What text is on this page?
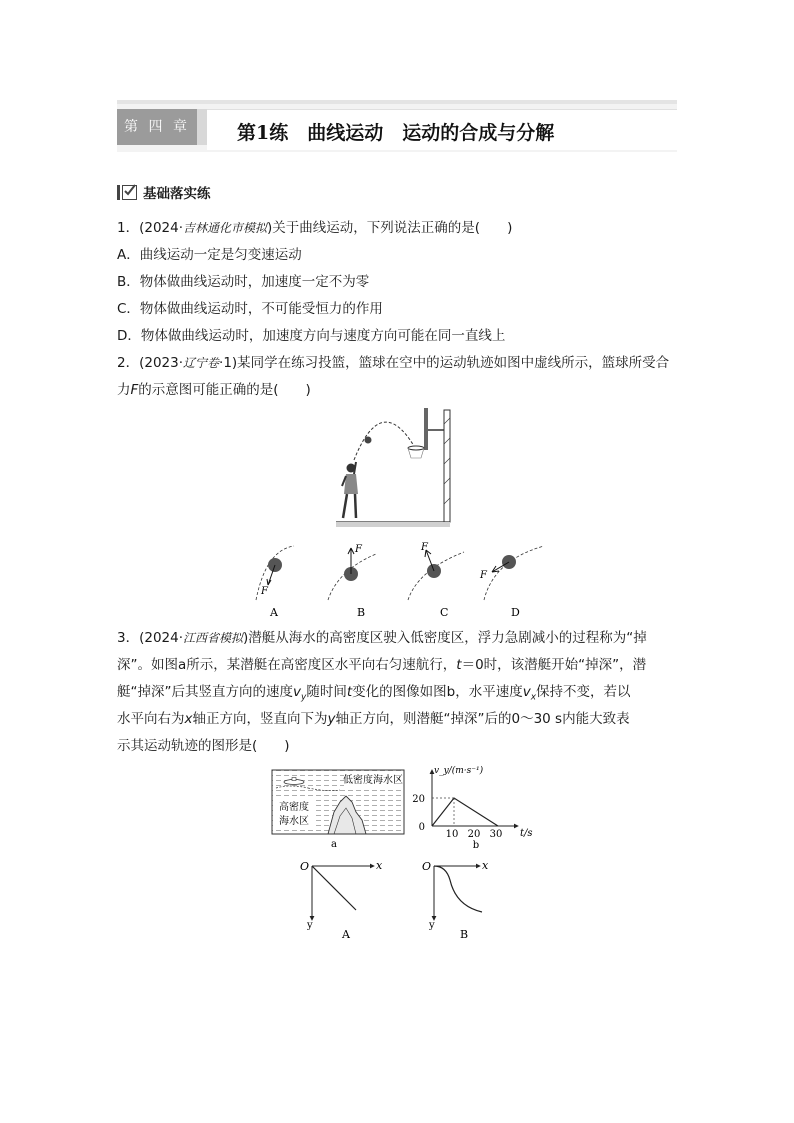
第 四 章	第1练　曲线运动　运动的合成与分解
基础落实练
1．(2024·吉林通化市模拟)关于曲线运动，下列说法正确的是(　　)
A．曲线运动一定是匀变速运动
B．物体做曲线运动时，加速度一定不为零
C．物体做曲线运动时，不可能受恒力的作用
D．物体做曲线运动时，加速度方向与速度方向可能在同一直线上
2．(2023·辽宁卷·1)某同学在练习投篮，篮球在空中的运动轨迹如图中虚线所示，篮球所受合
力F的示意图可能正确的是(　　)
F
A
F
B
F
C
F
D
3．(2024·江西省模拟)潜艇从海水的高密度区驶入低密度区，浮力急剧减小的过程称为“掉
深”。如图a所示，某潜艇在高密度区水平向右匀速航行，t＝0时，该潜艇开始“掉深”，潜
艇“掉深”后其竖直方向的速度$v_y$随时间t变化的图像如图b，水平速度$v_x$保持不变，若以
水平向右为x轴正方向，竖直向下为y轴正方向，则潜艇“掉深”后的0～30 s内能大致表
示其运动轨迹的图形是(　　)
低密度海水区
高密度
海水区
a
v_y/(m·s⁻¹)
20
0
10 20 30 t/s
b
O	x
y
A
O	x
y
B
